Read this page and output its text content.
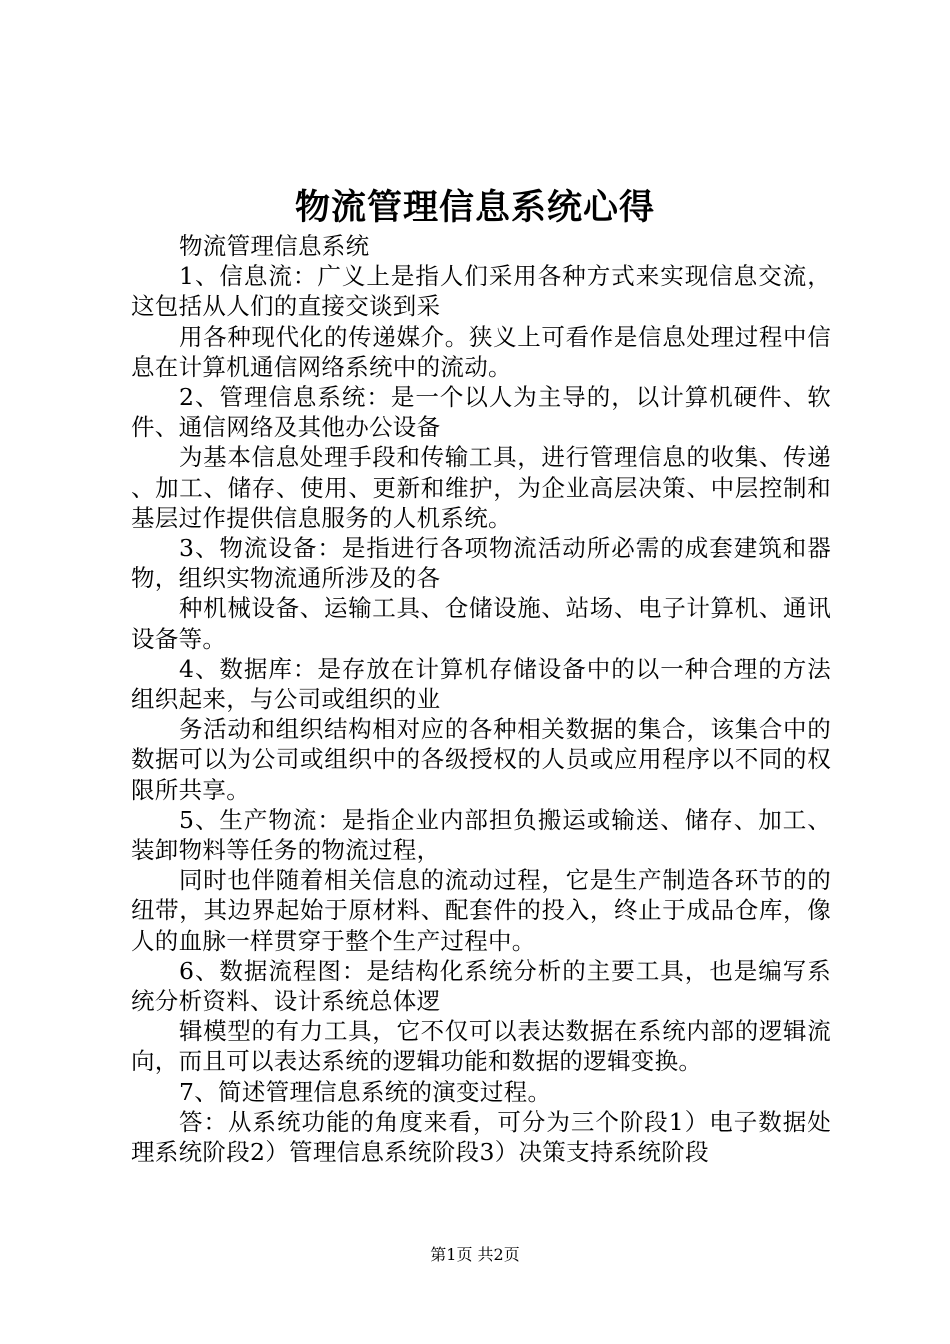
物流管理信息系统心得

物流管理信息系统

1、信息流：广义上是指人们采用各种方式来实现信息交流，这包括从人们的直接交谈到采

用各种现代化的传递媒介。狭义上可看作是信息处理过程中信息在计算机通信网络系统中的流动。

2、管理信息系统：是一个以人为主导的，以计算机硬件、软件、通信网络及其他办公设备

为基本信息处理手段和传输工具，进行管理信息的收集、传递、加工、储存、使用、更新和维护，为企业高层决策、中层控制和基层过作提供信息服务的人机系统。

3、物流设备：是指进行各项物流活动所必需的成套建筑和器物，组织实物流通所涉及的各

种机械设备、运输工具、仓储设施、站场、电子计算机、通讯设备等。

4、数据库：是存放在计算机存储设备中的以一种合理的方法组织起来，与公司或组织的业

务活动和组织结构相对应的各种相关数据的集合，该集合中的数据可以为公司或组织中的各级授权的人员或应用程序以不同的权限所共享。

5、生产物流：是指企业内部担负搬运或输送、储存、加工、装卸物料等任务的物流过程，

同时也伴随着相关信息的流动过程，它是生产制造各环节的的纽带，其边界起始于原材料、配套件的投入，终止于成品仓库，像人的血脉一样贯穿于整个生产过程中。

6、数据流程图：是结构化系统分析的主要工具，也是编写系统分析资料、设计系统总体逻

辑模型的有力工具，它不仅可以表达数据在系统内部的逻辑流向，而且可以表达系统的逻辑功能和数据的逻辑变换。

7、简述管理信息系统的演变过程。

答：从系统功能的角度来看，可分为三个阶段1）电子数据处理系统阶段2）管理信息系统阶段3）决策支持系统阶段

第1页 共2页
